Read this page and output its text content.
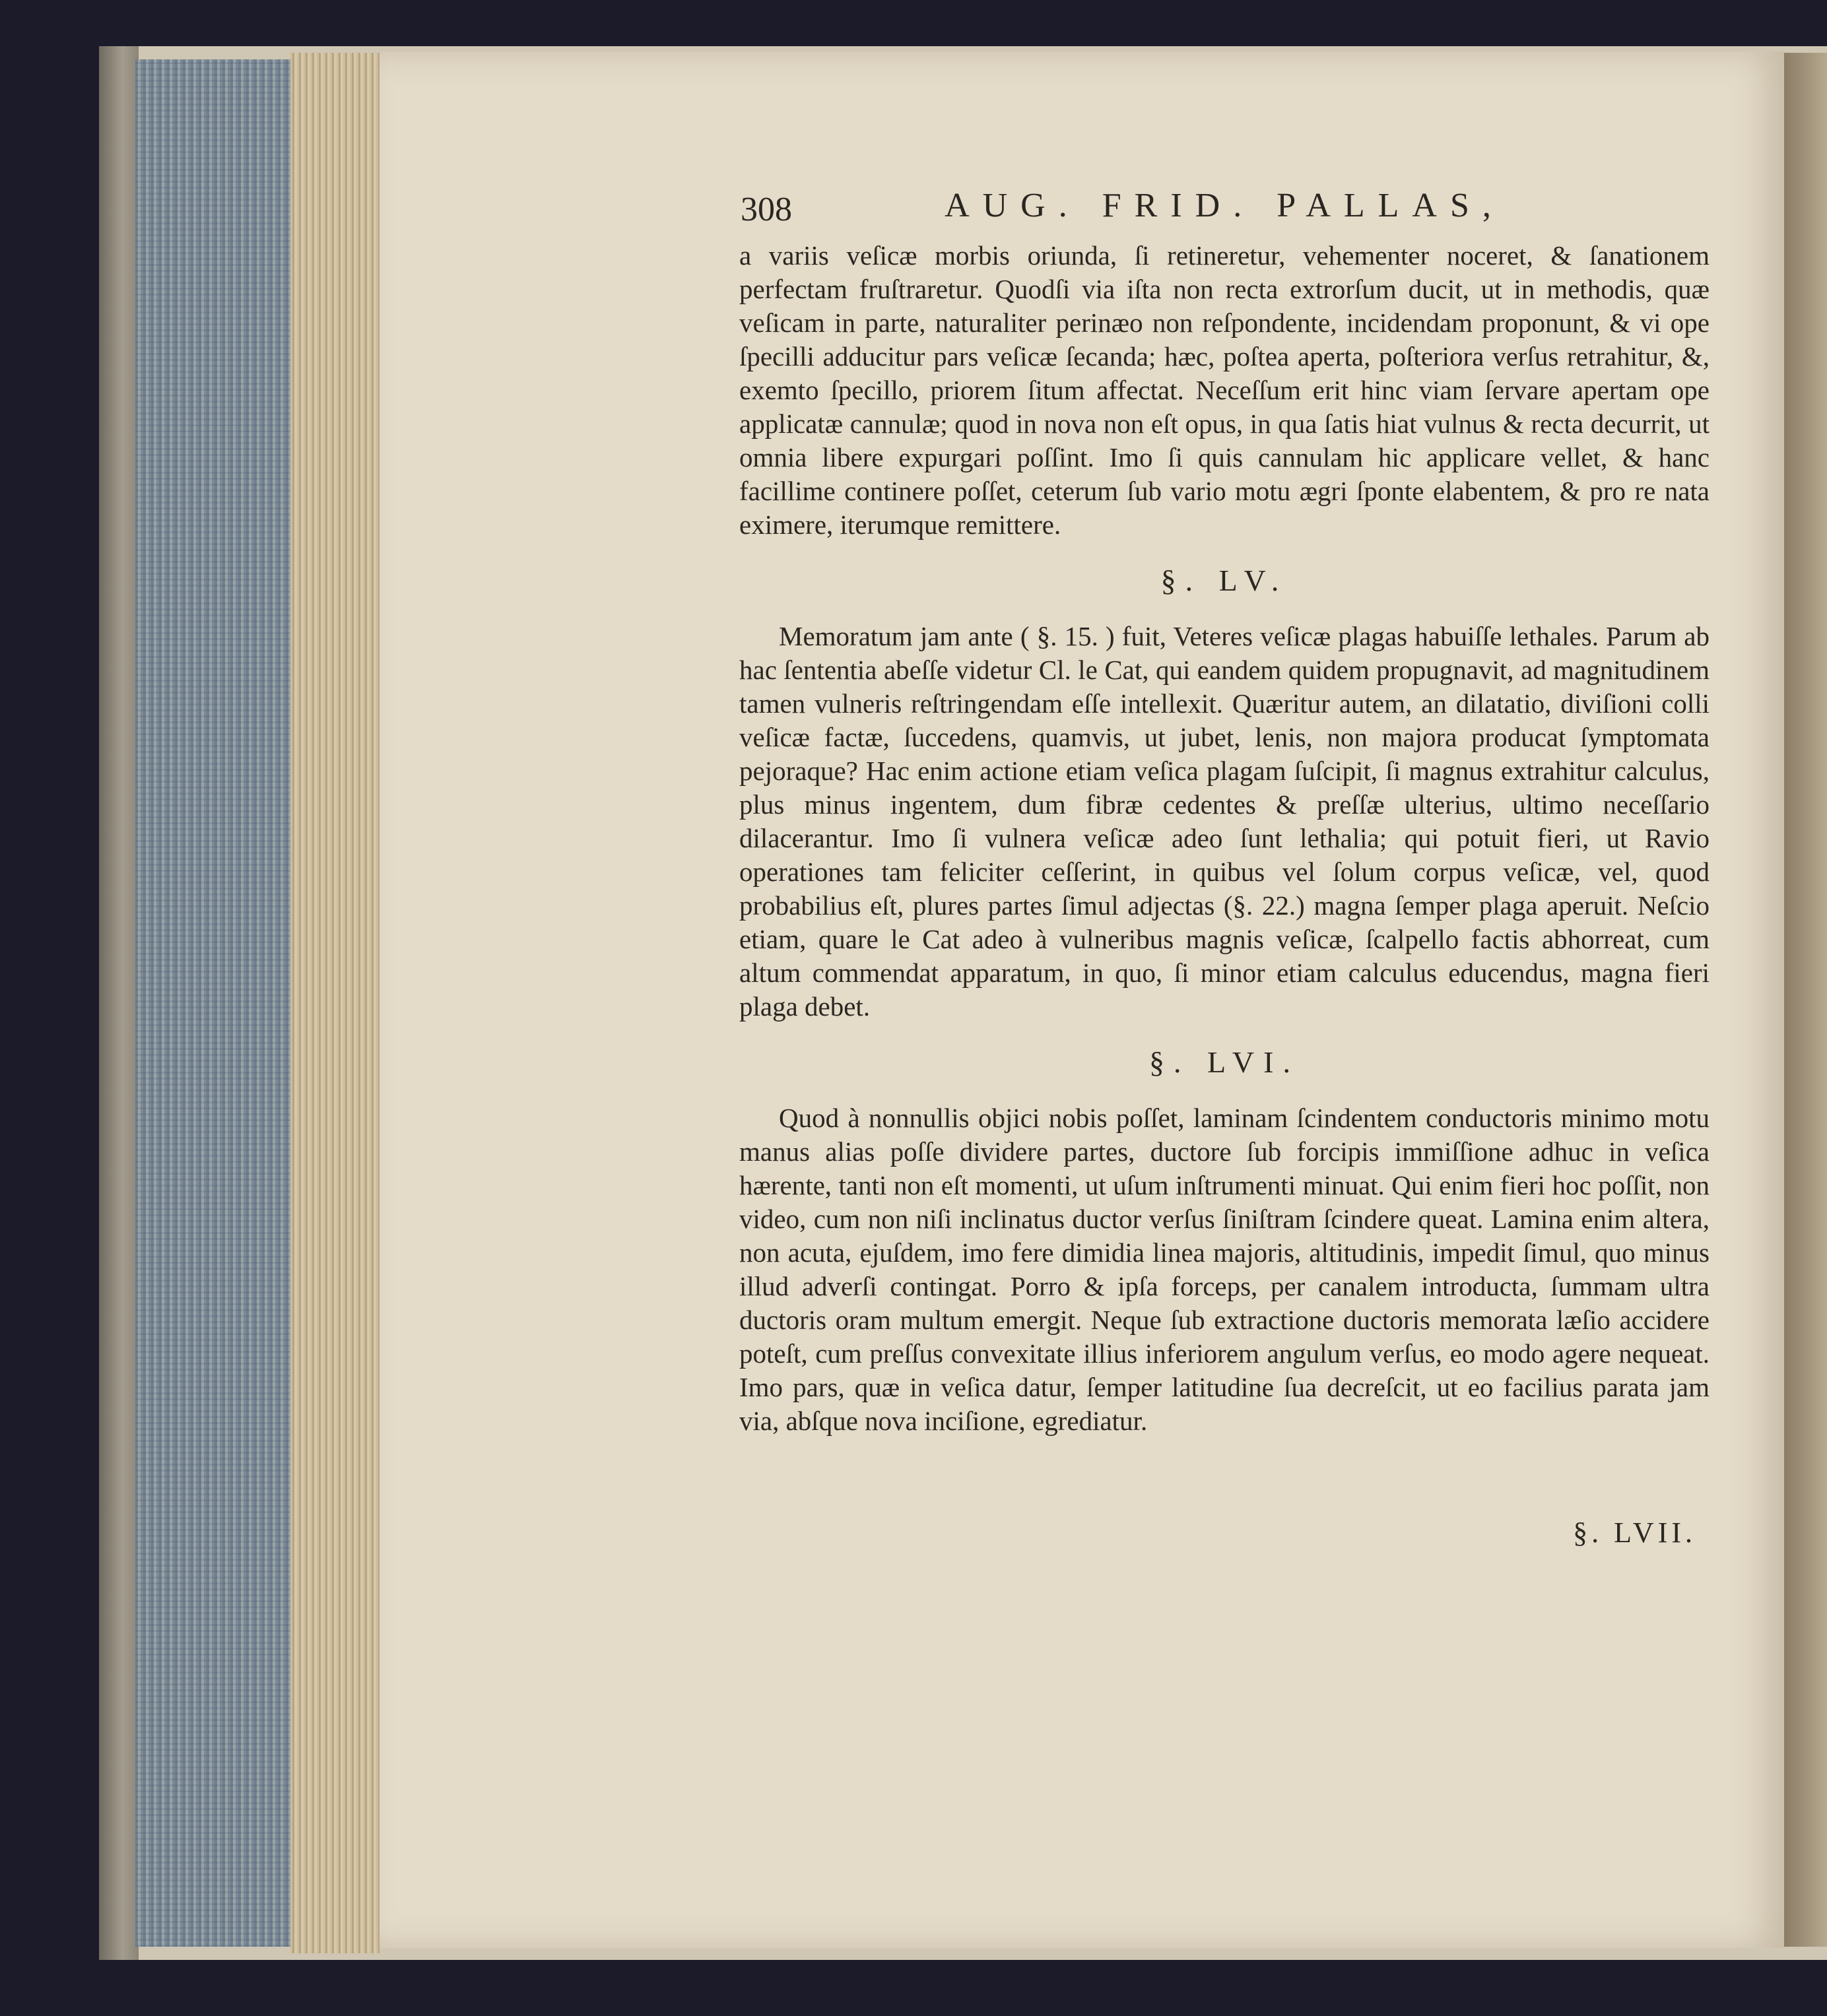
308	AUG. FRID. PALLAS,

a variis veſicæ morbis oriunda, ſi retineretur, vehementer noceret, & ſanationem perfectam fruſtraretur. Quodſi via iſta non recta extrorſum ducit, ut in methodis, quæ veſicam in parte, naturaliter perinæo non reſpondente, incidendam proponunt, & vi ope ſpecilli adducitur pars veſicæ ſecanda; hæc, poſtea aperta, poſteriora verſus retrahitur, &, exemto ſpecillo, priorem ſitum affectat. Neceſſum erit hinc viam ſervare apertam ope applicatæ cannulæ; quod in nova non eſt opus, in qua ſatis hiat vulnus & recta decurrit, ut omnia libere expurgari poſſint. Imo ſi quis cannulam hic applicare vellet, & hanc facillime continere poſſet, ceterum ſub vario motu ægri ſponte elabentem, & pro re nata eximere, iterumque remittere.

§. LV.

Memoratum jam ante ( §. 15. ) fuit, Veteres veſicæ plagas habuiſſe lethales. Parum ab hac ſententia abeſſe videtur Cl. le Cat, qui eandem quidem propugnavit, ad magnitudinem tamen vulneris reſtringendam eſſe intellexit. Quæritur autem, an dilatatio, diviſioni colli veſicæ factæ, ſuccedens, quamvis, ut jubet, lenis, non majora producat ſymptomata pejoraque? Hac enim actione etiam veſica plagam ſuſcipit, ſi magnus extrahitur calculus, plus minus ingentem, dum fibræ cedentes & preſſæ ulterius, ultimo neceſſario dilacerantur. Imo ſi vulnera veſicæ adeo ſunt lethalia; qui potuit fieri, ut Ravio operationes tam feliciter ceſſerint, in quibus vel ſolum corpus veſicæ, vel, quod probabilius eſt, plures partes ſimul adjectas (§. 22.) magna ſemper plaga aperuit. Neſcio etiam, quare le Cat adeo à vulneribus magnis veſicæ, ſcalpello factis abhorreat, cum altum commendat apparatum, in quo, ſi minor etiam calculus educendus, magna fieri plaga debet.

§. LVI.

Quod à nonnullis objici nobis poſſet, laminam ſcindentem conductoris minimo motu manus alias poſſe dividere partes, ductore ſub forcipis immiſſione adhuc in veſica hærente, tanti non eſt momenti, ut uſum inſtrumenti minuat. Qui enim fieri hoc poſſit, non video, cum non niſi inclinatus ductor verſus ſiniſtram ſcindere queat. Lamina enim altera, non acuta, ejuſdem, imo fere dimidia linea majoris, altitudinis, impedit ſimul, quo minus illud adverſi contingat. Porro & ipſa forceps, per canalem introducta, ſummam ultra ductoris oram multum emergit. Neque ſub extractione ductoris memorata læſio accidere poteſt, cum preſſus convexitate illius inferiorem angulum verſus, eo modo agere nequeat. Imo pars, quæ in veſica datur, ſemper latitudine ſua decreſcit, ut eo facilius parata jam via, abſque nova inciſione, egrediatur.

§. LVII.
